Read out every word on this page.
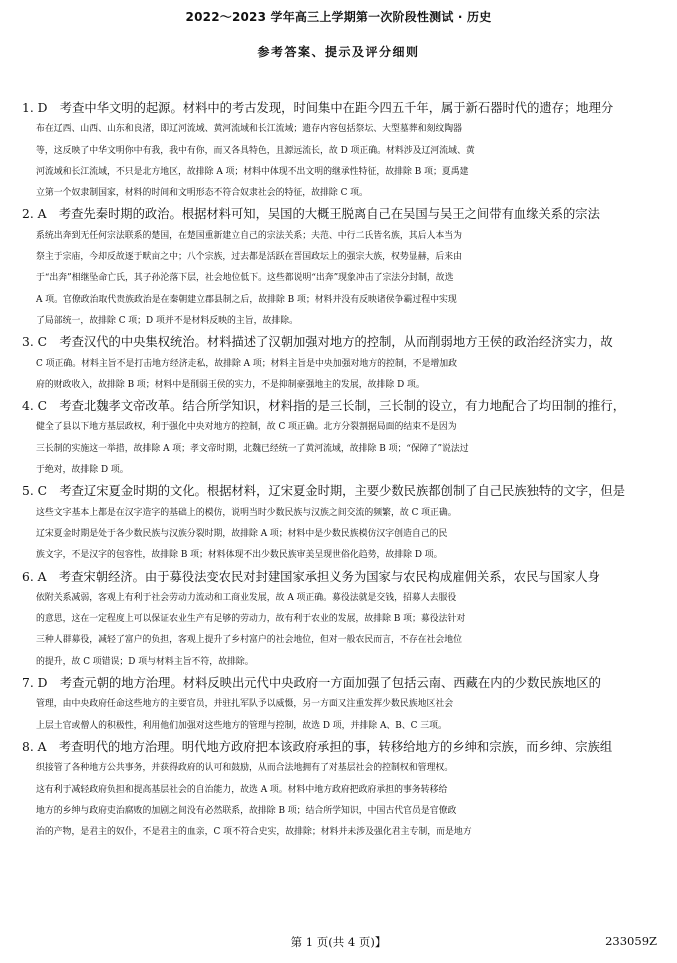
2022～2023 学年高三上学期第一次阶段性测试 · 历史
参考答案、提示及评分细则
1. D　考查中华文明的起源。材料中的考古发现，时间集中在距今四五千年，属于新石器时代的遗存；地理分
布在辽西、山西、山东和良渚，即辽河流域、黄河流域和长江流域；遗存内容包括祭坛、大型墓葬和刻纹陶器
等，这反映了中华文明你中有我，我中有你，而又各具特色，且源远流长，故 D 项正确。材料涉及辽河流域、黄
河流域和长江流域，不只是北方地区，故排除 A 项；材料中体现不出文明的继承性特征，故排除 B 项；夏禹建
立第一个奴隶制国家，材料的时间和文明形态不符合奴隶社会的特征，故排除 C 项。
2. A　考查先秦时期的政治。根据材料可知，吴国的大概王脱离自己在吴国与吴王之间带有血缘关系的宗法
系统出奔到无任何宗法联系的楚国，在楚国重新建立自己的宗法关系；夫范、中行二氏皆名族，其后人本当为
祭主于宗庙，今却反故逐于畎亩之中；八个宗族，过去都是活跃在晋国政坛上的强宗大族，权势显赫，后来由
于“出奔”相继坠命亡氏，其子孙沦落下层，社会地位低下。这些都说明“出奔”现象冲击了宗法分封制，故选
A 项。官僚政治取代贵族政治是在秦朝建立郡县制之后，故排除 B 项；材料并没有反映诸侯争霸过程中实现
了局部统一，故排除 C 项；D 项并不是材料反映的主旨，故排除。
3. C　考查汉代的中央集权统治。材料描述了汉朝加强对地方的控制，从而削弱地方王侯的政治经济实力，故
C 项正确。材料主旨不是打击地方经济走私，故排除 A 项；材料主旨是中央加强对地方的控制，不是增加政
府的财政收入，故排除 B 项；材料中是削弱王侯的实力，不是抑制豪强地主的发展，故排除 D 项。
4. C　考查北魏孝文帝改革。结合所学知识，材料指的是三长制，三长制的设立，有力地配合了均田制的推行，
健全了县以下地方基层政权，利于强化中央对地方的控制，故 C 项正确。北方分裂割据局面的结束不是因为
三长制的实施这一举措，故排除 A 项；孝文帝时期，北魏已经统一了黄河流域，故排除 B 项；“保障了”说法过
于绝对，故排除 D 项。
5. C　考查辽宋夏金时期的文化。根据材料，辽宋夏金时期，主要少数民族都创制了自己民族独特的文字，但是
这些文字基本上都是在汉字造字的基础上的模仿，说明当时少数民族与汉族之间交流的频繁，故 C 项正确。
辽宋夏金时期是处于各少数民族与汉族分裂时期，故排除 A 项；材料中是少数民族模仿汉字创造自己的民
族文字，不是汉字的包容性，故排除 B 项；材料体现不出少数民族审美呈现世俗化趋势，故排除 D 项。
6. A　考查宋朝经济。由于募役法变农民对封建国家承担义务为国家与农民构成雇佣关系，农民与国家人身
依附关系减弱，客观上有利于社会劳动力流动和工商业发展，故 A 项正确。募役法就是交钱，招募人去服役
的意思，这在一定程度上可以保证农业生产有足够的劳动力，故有利于农业的发展，故排除 B 项；募役法针对
三种人群募役，减轻了富户的负担，客观上提升了乡村富户的社会地位，但对一般农民而言，不存在社会地位
的提升，故 C 项错误；D 项与材料主旨不符，故排除。
7. D　考查元朝的地方治理。材料反映出元代中央政府一方面加强了包括云南、西藏在内的少数民族地区的
管理，由中央政府任命这些地方的主要官员，并驻扎军队予以威慑，另一方面又注重发挥少数民族地区社会
上层土官或僧人的积极性，利用他们加强对这些地方的管理与控制，故选 D 项，并排除 A、B、C 三项。
8. A　考查明代的地方治理。明代地方政府把本该政府承担的事，转移给地方的乡绅和宗族，而乡绅、宗族组
织接管了各种地方公共事务，并获得政府的认可和鼓励，从而合法地拥有了对基层社会的控制权和管理权。
这有利于减轻政府负担和提高基层社会的自治能力，故选 A 项。材料中地方政府把政府承担的事务转移给
地方的乡绅与政府吏治腐败的加剧之间没有必然联系，故排除 B 项；结合所学知识，中国古代官员是官僚政
治的产物，是君主的奴仆，不是君主的血亲，C 项不符合史实，故排除；材料并未涉及强化君主专制，而是地方
第 1 页(共 4 页)】	233059Z
